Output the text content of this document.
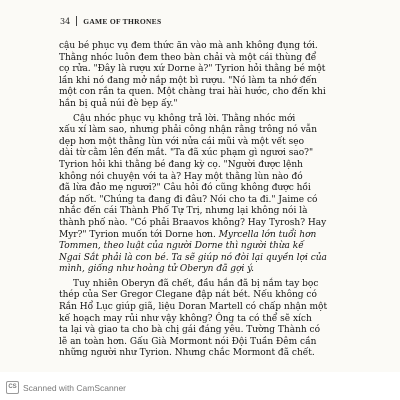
34 GAME OF THRONES
cậu bé phục vụ đem thức ăn vào mà anh không đụng tới.
Thằng nhóc luôn đem theo bàn chải và một cái thùng để
cọ rửa. "Đây là rượu xứ Dorne à?" Tyrion hỏi thằng bé một
lần khi nó đang mở nắp một bì rượu. "Nó làm ta nhớ đến
một con rắn ta quen. Một chàng trai hài hước, cho đến khi
hắn bị quả núi đè bẹp ấy."
Cậu nhóc phục vụ không trả lời. Thằng nhóc mới
xấu xí làm sao, nhưng phải công nhận rằng trông nó vẫn
dẹp hơn một thằng lùn với nửa cái mũi và một vết sẹo
dài từ cằm lên đến mắt. "Ta đã xúc phạm gì ngươi sao?"
Tyrion hỏi khi thằng bé đang kỳ cọ. "Người được lệnh
không nói chuyện với ta à? Hay một thằng lùn nào đó
đã lừa đảo mẹ ngươi?" Câu hỏi đó cũng không được hồi
đáp nốt. "Chúng ta đang đi đâu? Nói cho ta đi." Jaime có
nhắc đến cái Thành Phố Tự Trị, nhưng lại không nói là
thành phố nào. "Có phải Braavos không? Hay Tyrosh? Hay
Myr?" Tyrion muốn tới Dorne hơn. Myrcella lớn tuổi hơn
Tommen, theo luật của người Dorne thì người thừa kế
Ngai Sắt phải là con bé. Ta sẽ giúp nó đòi lại quyền lợi của
mình, giống như hoàng tử Oberyn đã gợi ý.
Tuy nhiên Oberyn đã chết, đầu hắn đã bị nắm tay bọc
thép của Ser Gregor Clegane đập nát bét. Nếu không có
Rắn Hổ Lục giúp giã, liệu Doran Martell có chấp nhận một
kế hoạch may rủi như vậy không? Ông ta có thể sẽ xích
ta lại và giao ta cho bà chị gái đáng yêu. Tường Thành có
lẽ an toàn hơn. Gấu Già Mormont nói Đội Tuần Đêm cần
những người như Tyrion. Nhưng chắc Mormont đã chết.
CS Scanned with CamScanner
